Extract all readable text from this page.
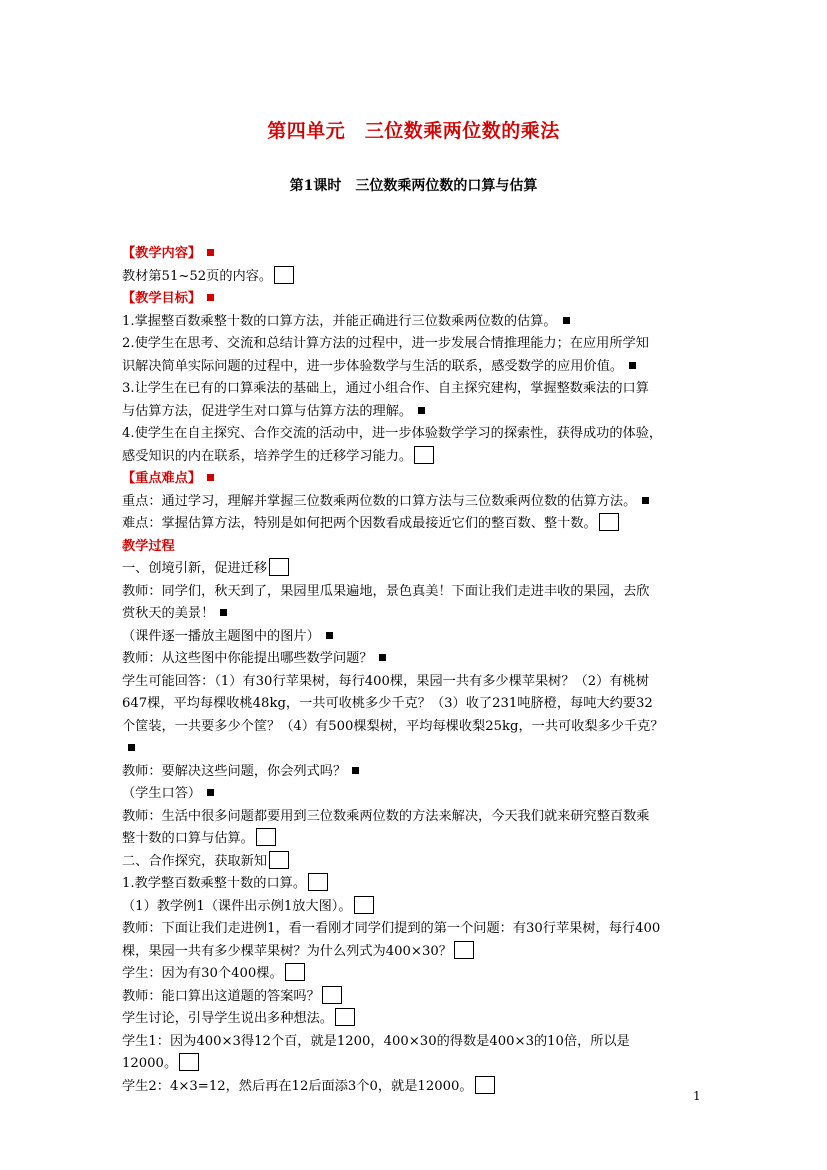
第四单元　三位数乘两位数的乘法
第1课时　三位数乘两位数的口算与估算
【教学内容】
教材第51~52页的内容。
【教学目标】
1.掌握整百数乘整十数的口算方法，并能正确进行三位数乘两位数的估算。
2.使学生在思考、交流和总结计算方法的过程中，进一步发展合情推理能力；在应用所学知
识解决简单实际问题的过程中，进一步体验数学与生活的联系，感受数学的应用价值。
3.让学生在已有的口算乘法的基础上，通过小组合作、自主探究建构，掌握整数乘法的口算
与估算方法，促进学生对口算与估算方法的理解。
4.使学生在自主探究、合作交流的活动中，进一步体验数学学习的探索性，获得成功的体验，
感受知识的内在联系，培养学生的迁移学习能力。
【重点难点】
重点：通过学习，理解并掌握三位数乘两位数的口算方法与三位数乘两位数的估算方法。
难点：掌握估算方法，特别是如何把两个因数看成最接近它们的整百数、整十数。
教学过程
一、创境引新，促进迁移
教师：同学们，秋天到了，果园里瓜果遍地，景色真美！下面让我们走进丰收的果园，去欣
赏秋天的美景！
（课件逐一播放主题图中的图片）
教师：从这些图中你能提出哪些数学问题？
学生可能回答：（1）有30行苹果树，每行400棵，果园一共有多少棵苹果树？（2）有桃树
647棵，平均每棵收桃48kg，一共可收桃多少千克？（3）收了231吨脐橙，每吨大约要32
个筐装，一共要多少个筐？（4）有500棵梨树，平均每棵收梨25kg，一共可收梨多少千克？
教师：要解决这些问题，你会列式吗？
（学生口答）
教师：生活中很多问题都要用到三位数乘两位数的方法来解决，今天我们就来研究整百数乘
整十数的口算与估算。
二、合作探究，获取新知
1.教学整百数乘整十数的口算。
（1）教学例1（课件出示例1放大图）。
教师：下面让我们走进例1，看一看刚才同学们提到的第一个问题：有30行苹果树，每行400
棵，果园一共有多少棵苹果树？为什么列式为400×30？
学生：因为有30个400棵。
教师：能口算出这道题的答案吗？
学生讨论，引导学生说出多种想法。
学生1：因为400×3得12个百，就是1200，400×30的得数是400×3的10倍，所以是
12000。
学生2：4×3=12，然后再在12后面添3个0，就是12000。
1
